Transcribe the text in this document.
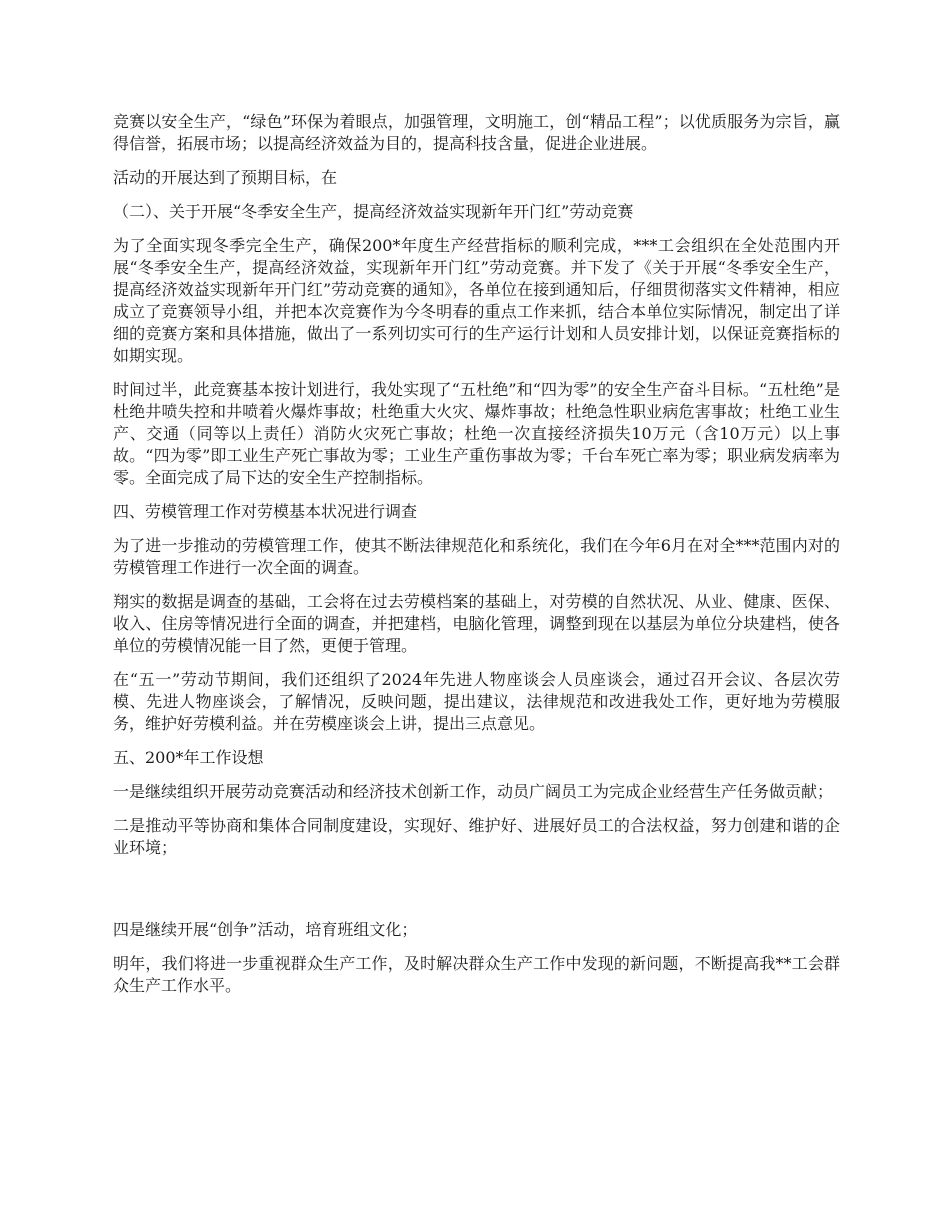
竞赛以安全生产，“绿色”环保为着眼点，加强管理，文明施工，创“精品工程”；以优质服务为宗旨，赢得信誉，拓展市场；以提高经济效益为目的，提高科技含量，促进企业进展。

活动的开展达到了预期目标，在

（二）、关于开展“冬季安全生产，提高经济效益实现新年开门红”劳动竞赛

为了全面实现冬季完全生产，确保200*年度生产经营指标的顺利完成，***工会组织在全处范围内开展“冬季安全生产，提高经济效益，实现新年开门红”劳动竞赛。并下发了《关于开展“冬季安全生产，提高经济效益实现新年开门红”劳动竞赛的通知》，各单位在接到通知后，仔细贯彻落实文件精神，相应成立了竞赛领导小组，并把本次竞赛作为今冬明春的重点工作来抓，结合本单位实际情况，制定出了详细的竞赛方案和具体措施，做出了一系列切实可行的生产运行计划和人员安排计划，以保证竞赛指标的如期实现。

时间过半，此竞赛基本按计划进行，我处实现了“五杜绝”和“四为零”的安全生产奋斗目标。“五杜绝”是杜绝井喷失控和井喷着火爆炸事故；杜绝重大火灾、爆炸事故；杜绝急性职业病危害事故；杜绝工业生产、交通（同等以上责任）消防火灾死亡事故；杜绝一次直接经济损失10万元（含10万元）以上事故。“四为零”即工业生产死亡事故为零；工业生产重伤事故为零；千台车死亡率为零；职业病发病率为零。全面完成了局下达的安全生产控制指标。

四、劳模管理工作对劳模基本状况进行调查

为了进一步推动的劳模管理工作，使其不断法律规范化和系统化，我们在今年6月在对全***范围内对的劳模管理工作进行一次全面的调查。

翔实的数据是调查的基础，工会将在过去劳模档案的基础上，对劳模的自然状况、从业、健康、医保、收入、住房等情况进行全面的调查，并把建档，电脑化管理，调整到现在以基层为单位分块建档，使各单位的劳模情况能一目了然，更便于管理。

在“五一”劳动节期间，我们还组织了2024年先进人物座谈会人员座谈会，通过召开会议、各层次劳模、先进人物座谈会，了解情况，反映问题，提出建议，法律规范和改进我处工作，更好地为劳模服务，维护好劳模利益。并在劳模座谈会上讲，提出三点意见。

五、200*年工作设想

一是继续组织开展劳动竞赛活动和经济技术创新工作，动员广阔员工为完成企业经营生产任务做贡献；

二是推动平等协商和集体合同制度建设，实现好、维护好、进展好员工的合法权益，努力创建和谐的企业环境；

四是继续开展“创争”活动，培育班组文化；

明年，我们将进一步重视群众生产工作，及时解决群众生产工作中发现的新问题，不断提高我**工会群众生产工作水平。
